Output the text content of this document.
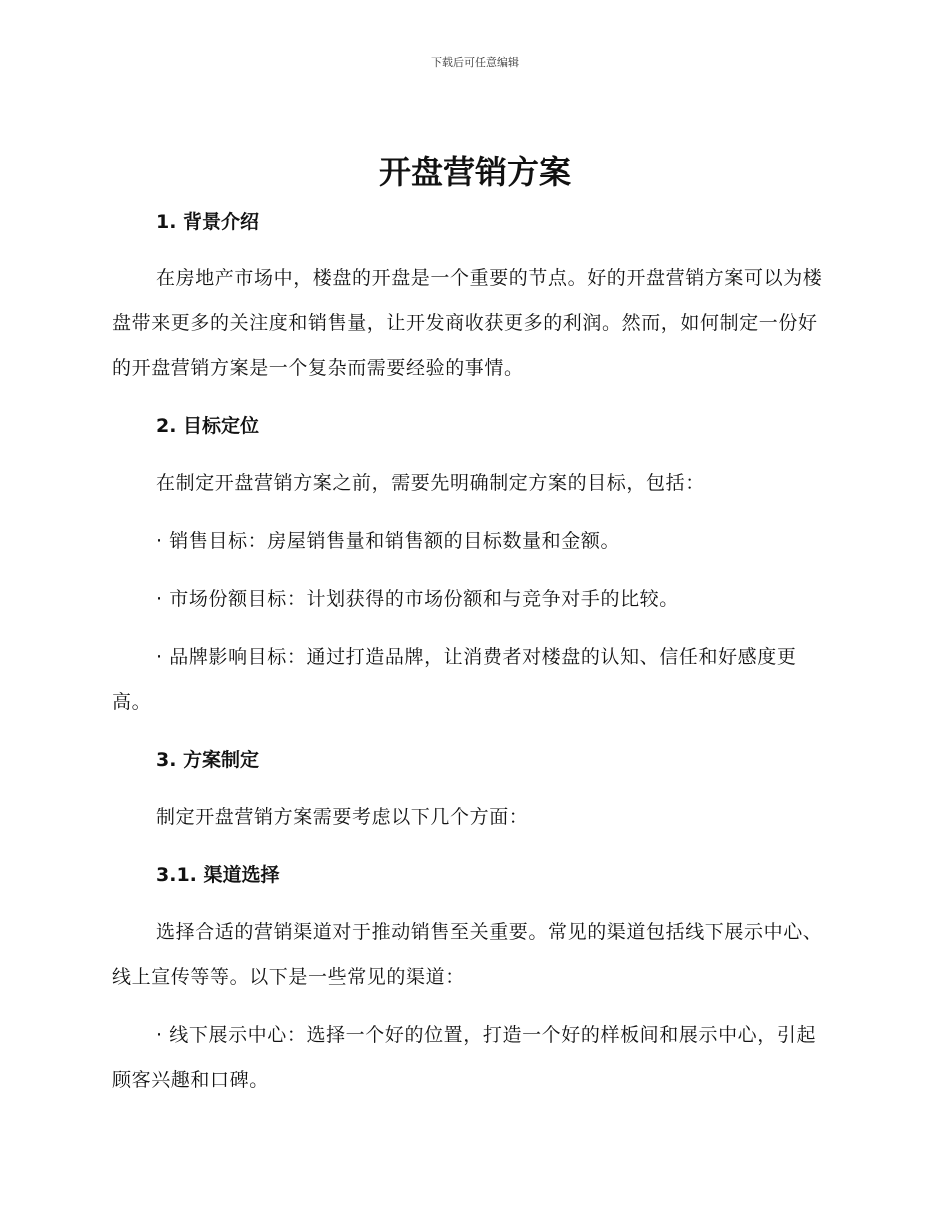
下载后可任意编辑
开盘营销方案

1. 背景介绍

在房地产市场中，楼盘的开盘是一个重要的节点。好的开盘营销方案可以为楼盘带来更多的关注度和销售量，让开发商收获更多的利润。然而，如何制定一份好的开盘营销方案是一个复杂而需要经验的事情。

2. 目标定位

在制定开盘营销方案之前，需要先明确制定方案的目标，包括：

· 销售目标：房屋销售量和销售额的目标数量和金额。

· 市场份额目标：计划获得的市场份额和与竞争对手的比较。

· 品牌影响目标：通过打造品牌，让消费者对楼盘的认知、信任和好感度更高。

3. 方案制定

制定开盘营销方案需要考虑以下几个方面：

3.1. 渠道选择

选择合适的营销渠道对于推动销售至关重要。常见的渠道包括线下展示中心、线上宣传等等。以下是一些常见的渠道：

· 线下展示中心：选择一个好的位置，打造一个好的样板间和展示中心，引起顾客兴趣和口碑。
